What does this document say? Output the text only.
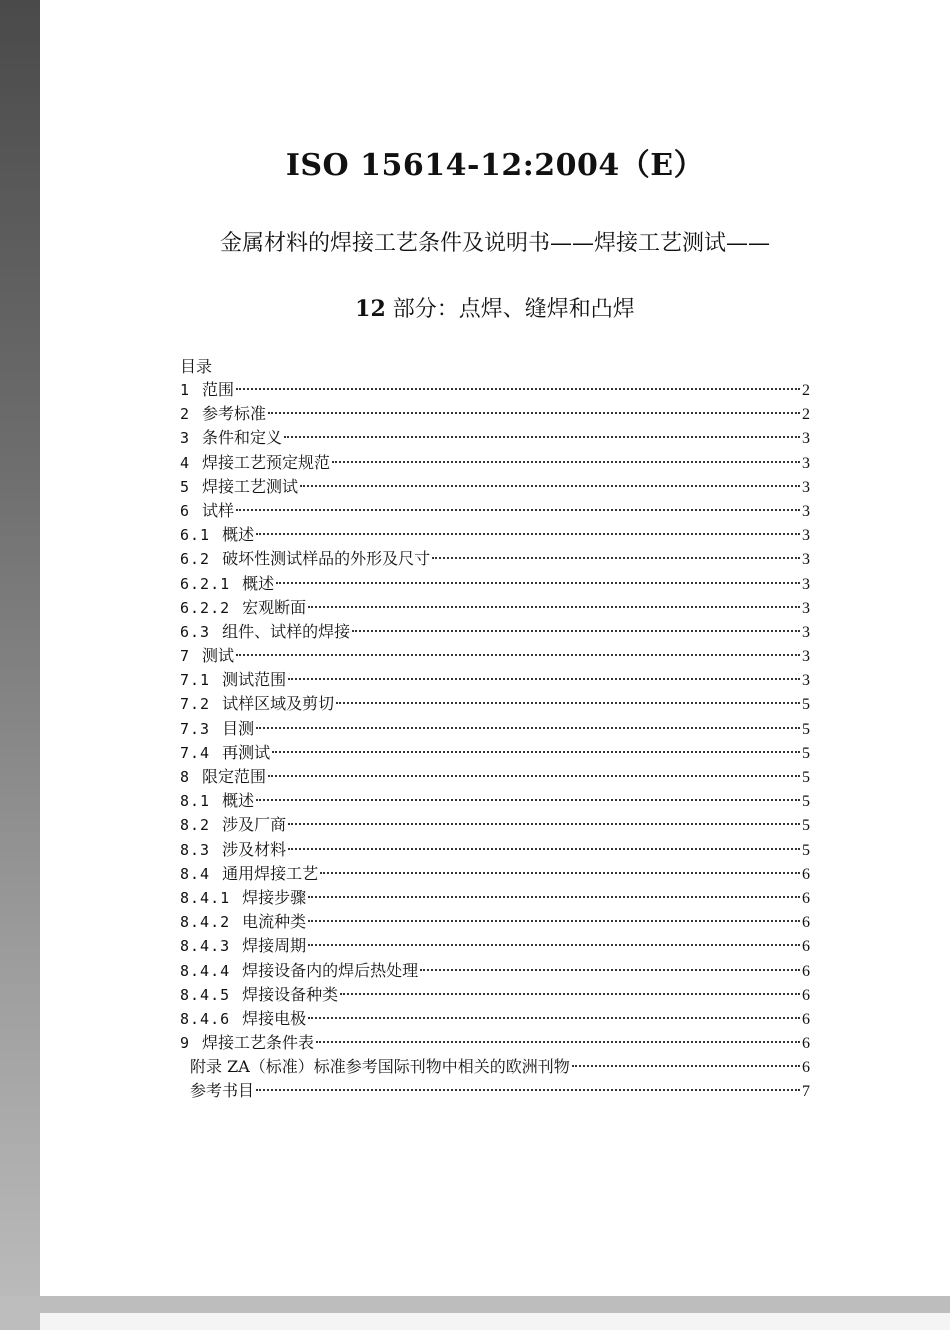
ISO 15614-12:2004（E）
金属材料的焊接工艺条件及说明书——焊接工艺测试——
12 部分：点焊、缝焊和凸焊
目录
1 范围	2
2 参考标准	2
3 条件和定义	3
4 焊接工艺预定规范	3
5 焊接工艺测试	3
6 试样	3
6.1 概述	3
6.2 破坏性测试样品的外形及尺寸	3
6.2.1 概述	3
6.2.2 宏观断面	3
6.3 组件、试样的焊接	3
7 测试	3
7.1 测试范围	3
7.2 试样区域及剪切	5
7.3 目测	5
7.4 再测试	5
8 限定范围	5
8.1 概述	5
8.2 涉及厂商	5
8.3 涉及材料	5
8.4 通用焊接工艺	6
8.4.1 焊接步骤	6
8.4.2 电流种类	6
8.4.3 焊接周期	6
8.4.4 焊接设备内的焊后热处理	6
8.4.5 焊接设备种类	6
8.4.6 焊接电极	6
9 焊接工艺条件表	6
附录 ZA（标准）标准参考国际刊物中相关的欧洲刊物	6
参考书目	7
